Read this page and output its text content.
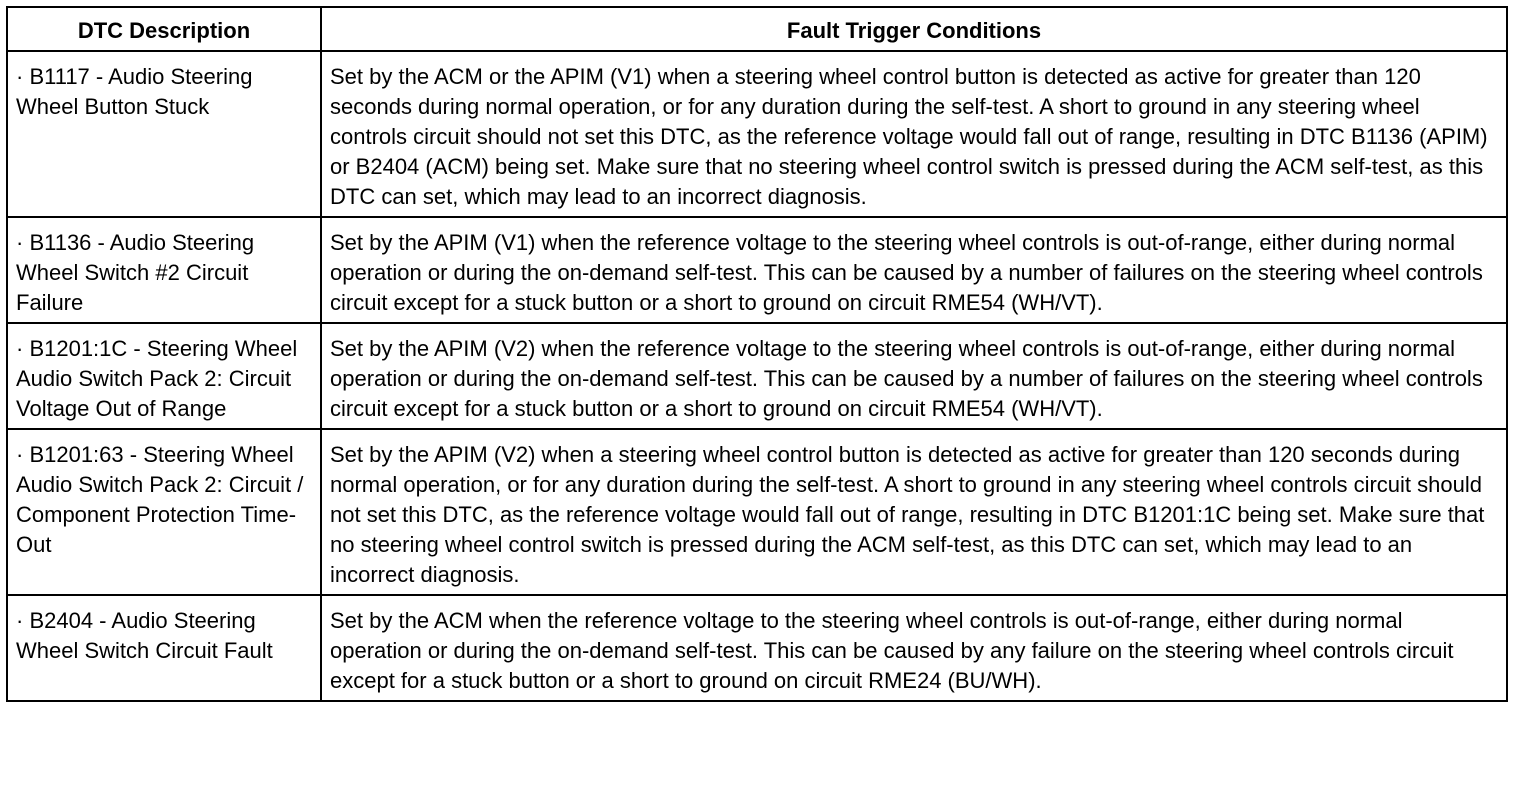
DTC Description	Fault Trigger Conditions
· B1117 - Audio Steering Wheel Button Stuck	Set by the ACM or the APIM (V1) when a steering wheel control button is detected as active for greater than 120 seconds during normal operation, or for any duration during the self-test. A short to ground in any steering wheel controls circuit should not set this DTC, as the reference voltage would fall out of range, resulting in DTC B1136 (APIM) or B2404 (ACM) being set. Make sure that no steering wheel control switch is pressed during the ACM self-test, as this DTC can set, which may lead to an incorrect diagnosis.
· B1136 - Audio Steering Wheel Switch #2 Circuit Failure	Set by the APIM (V1) when the reference voltage to the steering wheel controls is out-of-range, either during normal operation or during the on-demand self-test. This can be caused by a number of failures on the steering wheel controls circuit except for a stuck button or a short to ground on circuit RME54 (WH/VT).
· B1201:1C - Steering Wheel Audio Switch Pack 2: Circuit Voltage Out of Range	Set by the APIM (V2) when the reference voltage to the steering wheel controls is out-of-range, either during normal operation or during the on-demand self-test. This can be caused by a number of failures on the steering wheel controls circuit except for a stuck button or a short to ground on circuit RME54 (WH/VT).
· B1201:63 - Steering Wheel Audio Switch Pack 2: Circuit / Component Protection Time-Out	Set by the APIM (V2) when a steering wheel control button is detected as active for greater than 120 seconds during normal operation, or for any duration during the self-test. A short to ground in any steering wheel controls circuit should not set this DTC, as the reference voltage would fall out of range, resulting in DTC B1201:1C being set. Make sure that no steering wheel control switch is pressed during the ACM self-test, as this DTC can set, which may lead to an incorrect diagnosis.
· B2404 - Audio Steering Wheel Switch Circuit Fault	Set by the ACM when the reference voltage to the steering wheel controls is out-of-range, either during normal operation or during the on-demand self-test. This can be caused by any failure on the steering wheel controls circuit except for a stuck button or a short to ground on circuit RME24 (BU/WH).
